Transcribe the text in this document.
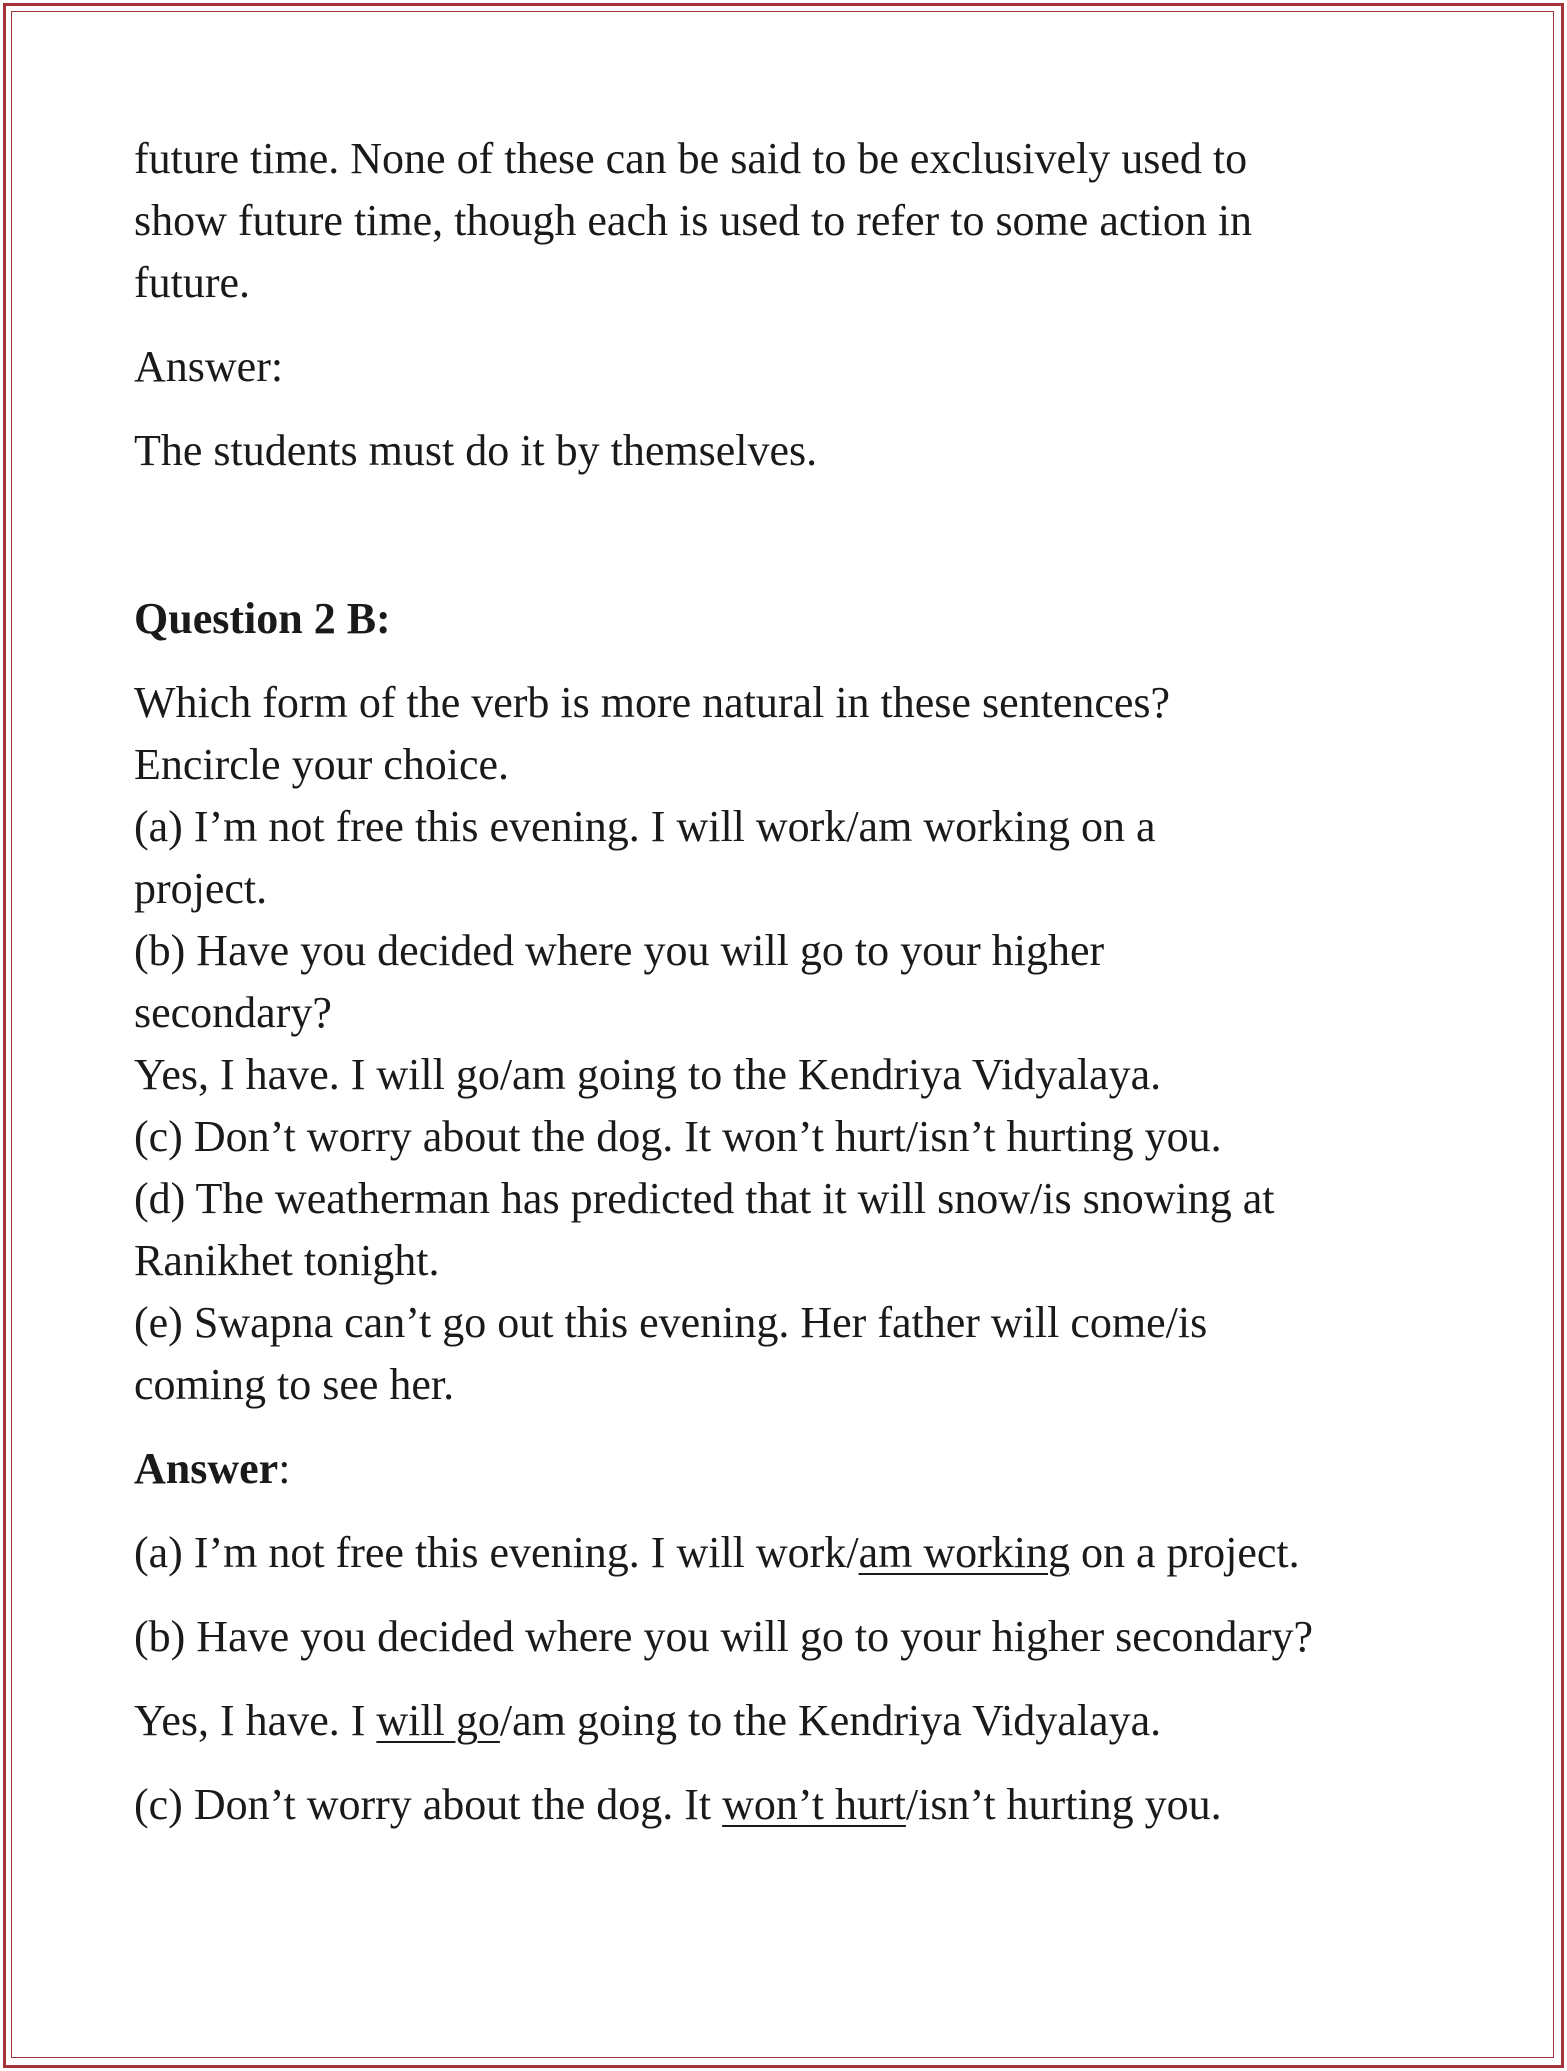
future time. None of these can be said to be exclusively used to

show future time, though each is used to refer to some action in

future.

Answer:

The students must do it by themselves.

Question 2 B:

Which form of the verb is more natural in these sentences?

Encircle your choice.

(a) I’m not free this evening. I will work/am working on a

project.

(b) Have you decided where you will go to your higher

secondary?

Yes, I have. I will go/am going to the Kendriya Vidyalaya.

(c) Don’t worry about the dog. It won’t hurt/isn’t hurting you.

(d) The weatherman has predicted that it will snow/is snowing at

Ranikhet tonight.

(e) Swapna can’t go out this evening. Her father will come/is

coming to see her.

Answer:

(a) I’m not free this evening. I will work/am working on a project.

(b) Have you decided where you will go to your higher secondary?

Yes, I have. I will go/am going to the Kendriya Vidyalaya.

(c) Don’t worry about the dog. It won’t hurt/isn’t hurting you.
